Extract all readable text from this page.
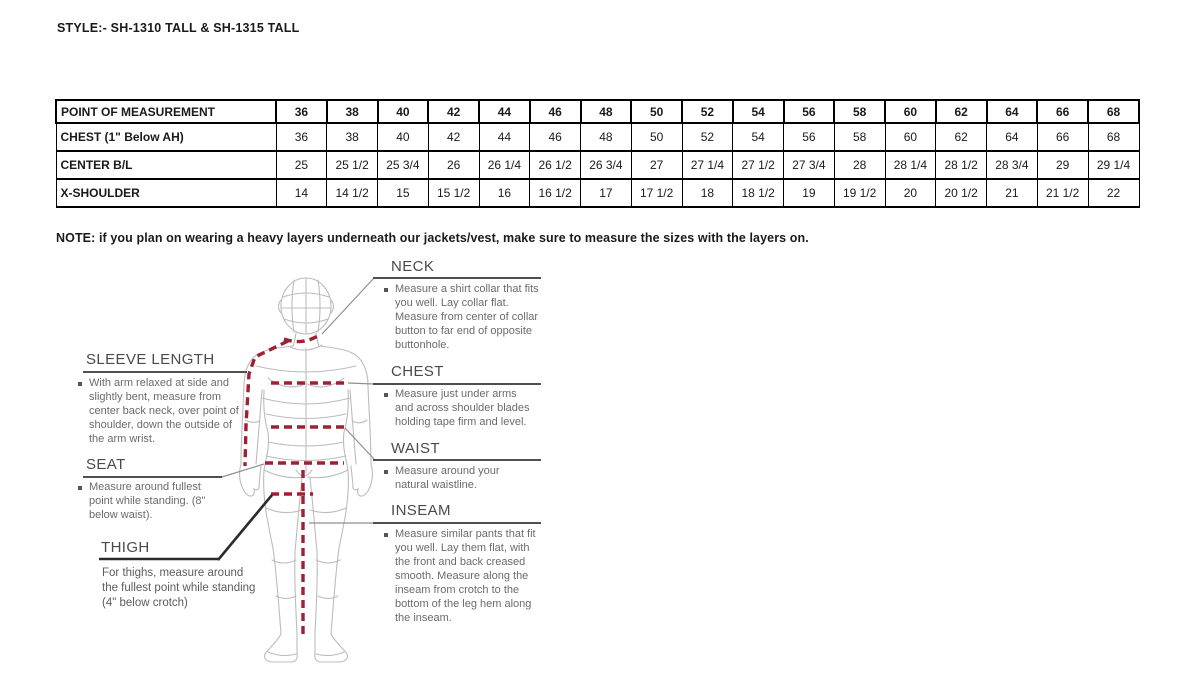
STYLE:- SH-1310 TALL & SH-1315 TALL
POINT OF MEASUREMENT	36	38	40	42	44	46	48	50	52	54	56	58	60	62	64	66	68
CHEST (1" Below AH)	36	38	40	42	44	46	48	50	52	54	56	58	60	62	64	66	68
CENTER B/L	25	25 1/2	25 3/4	26	26 1/4	26 1/2	26 3/4	27	27 1/4	27 1/2	27 3/4	28	28 1/4	28 1/2	28 3/4	29	29 1/4
X-SHOULDER	14	14 1/2	15	15 1/2	16	16 1/2	17	17 1/2	18	18 1/2	19	19 1/2	20	20 1/2	21	21 1/2	22
NOTE: if you plan on wearing a heavy layers underneath our jackets/vest, make sure to measure the sizes with the layers on.
NECK
Measure a shirt collar that fits you well. Lay collar flat. Measure from center of collar button to far end of opposite buttonhole.
CHEST
Measure just under arms and across shoulder blades holding tape firm and level.
WAIST
Measure around your natural waistline.
INSEAM
Measure similar pants that fit you well. Lay them flat, with the front and back creased smooth. Measure along the inseam from crotch to the bottom of the leg hem along the inseam.
SLEEVE LENGTH
With arm relaxed at side and slightly bent, measure from center back neck, over point of shoulder, down the outside of the arm wrist.
SEAT
Measure around fullest point while standing. (8" below waist).
THIGH
For thighs, measure around the fullest point while standing (4" below crotch)
